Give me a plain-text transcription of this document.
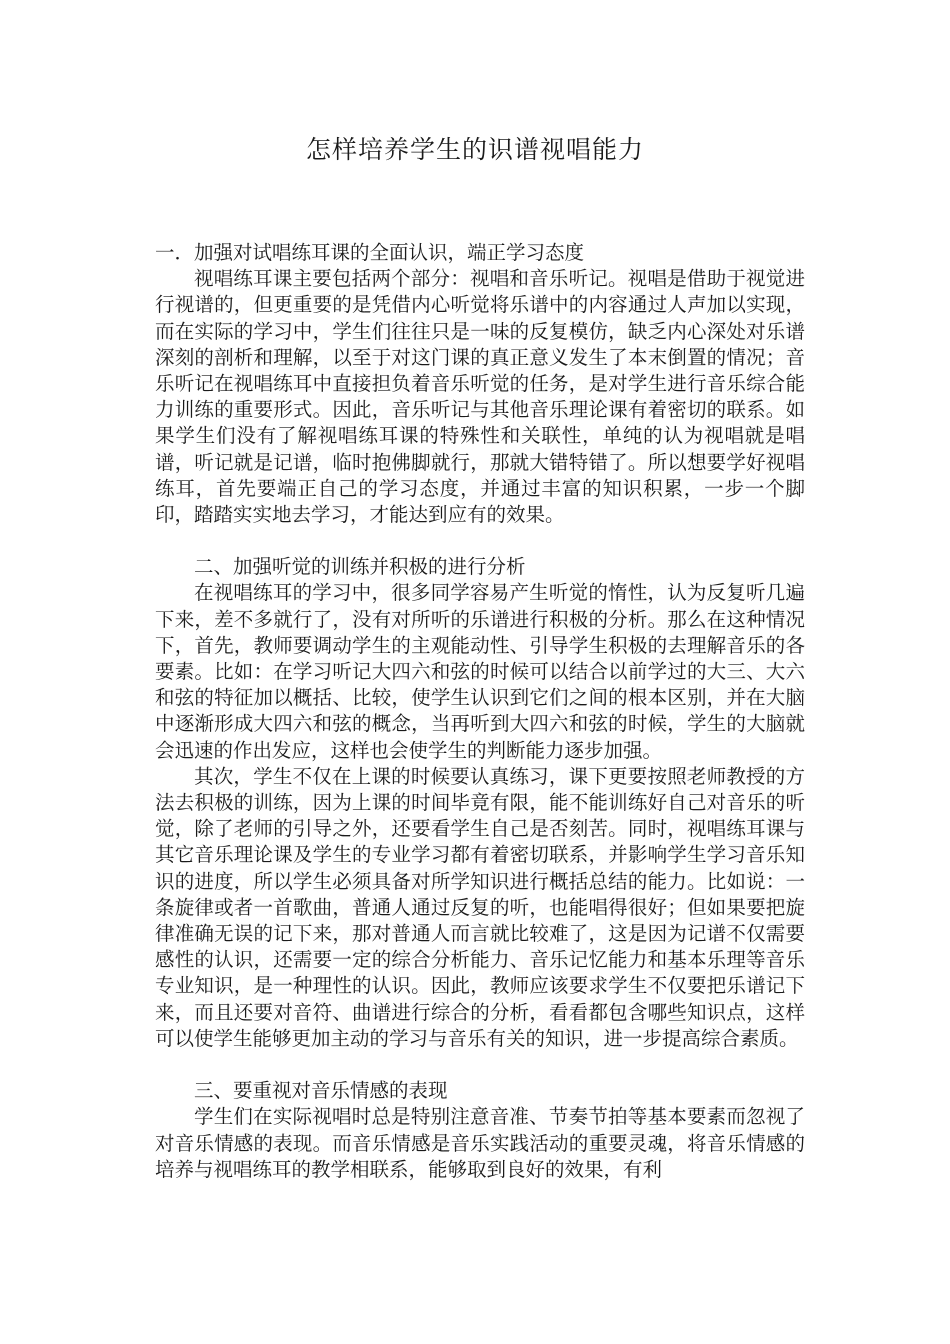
怎样培养学生的识谱视唱能力

一．加强对试唱练耳课的全面认识，端正学习态度

视唱练耳课主要包括两个部分：视唱和音乐听记。视唱是借助于视觉进行视谱的，但更重要的是凭借内心听觉将乐谱中的内容通过人声加以实现，而在实际的学习中，学生们往往只是一味的反复模仿，缺乏内心深处对乐谱深刻的剖析和理解，以至于对这门课的真正意义发生了本末倒置的情况；音乐听记在视唱练耳中直接担负着音乐听觉的任务，是对学生进行音乐综合能力训练的重要形式。因此，音乐听记与其他音乐理论课有着密切的联系。如果学生们没有了解视唱练耳课的特殊性和关联性，单纯的认为视唱就是唱谱，听记就是记谱，临时抱佛脚就行，那就大错特错了。所以想要学好视唱练耳，首先要端正自己的学习态度，并通过丰富的知识积累，一步一个脚印，踏踏实实地去学习，才能达到应有的效果。

二、加强听觉的训练并积极的进行分析

在视唱练耳的学习中，很多同学容易产生听觉的惰性，认为反复听几遍下来，差不多就行了，没有对所听的乐谱进行积极的分析。那么在这种情况下，首先，教师要调动学生的主观能动性、引导学生积极的去理解音乐的各要素。比如：在学习听记大四六和弦的时候可以结合以前学过的大三、大六和弦的特征加以概括、比较，使学生认识到它们之间的根本区别，并在大脑中逐渐形成大四六和弦的概念，当再听到大四六和弦的时候，学生的大脑就会迅速的作出发应，这样也会使学生的判断能力逐步加强。

其次，学生不仅在上课的时候要认真练习，课下更要按照老师教授的方法去积极的训练，因为上课的时间毕竟有限，能不能训练好自己对音乐的听觉，除了老师的引导之外，还要看学生自己是否刻苦。同时，视唱练耳课与其它音乐理论课及学生的专业学习都有着密切联系，并影响学生学习音乐知识的进度，所以学生必须具备对所学知识进行概括总结的能力。比如说：一条旋律或者一首歌曲，普通人通过反复的听，也能唱得很好；但如果要把旋律准确无误的记下来，那对普通人而言就比较难了，这是因为记谱不仅需要感性的认识，还需要一定的综合分析能力、音乐记忆能力和基本乐理等音乐专业知识，是一种理性的认识。因此，教师应该要求学生不仅要把乐谱记下来，而且还要对音符、曲谱进行综合的分析，看看都包含哪些知识点，这样可以使学生能够更加主动的学习与音乐有关的知识，进一步提高综合素质。

三、要重视对音乐情感的表现

学生们在实际视唱时总是特别注意音准、节奏节拍等基本要素而忽视了对音乐情感的表现。而音乐情感是音乐实践活动的重要灵魂，将音乐情感的培养与视唱练耳的教学相联系，能够取到良好的效果，有利
